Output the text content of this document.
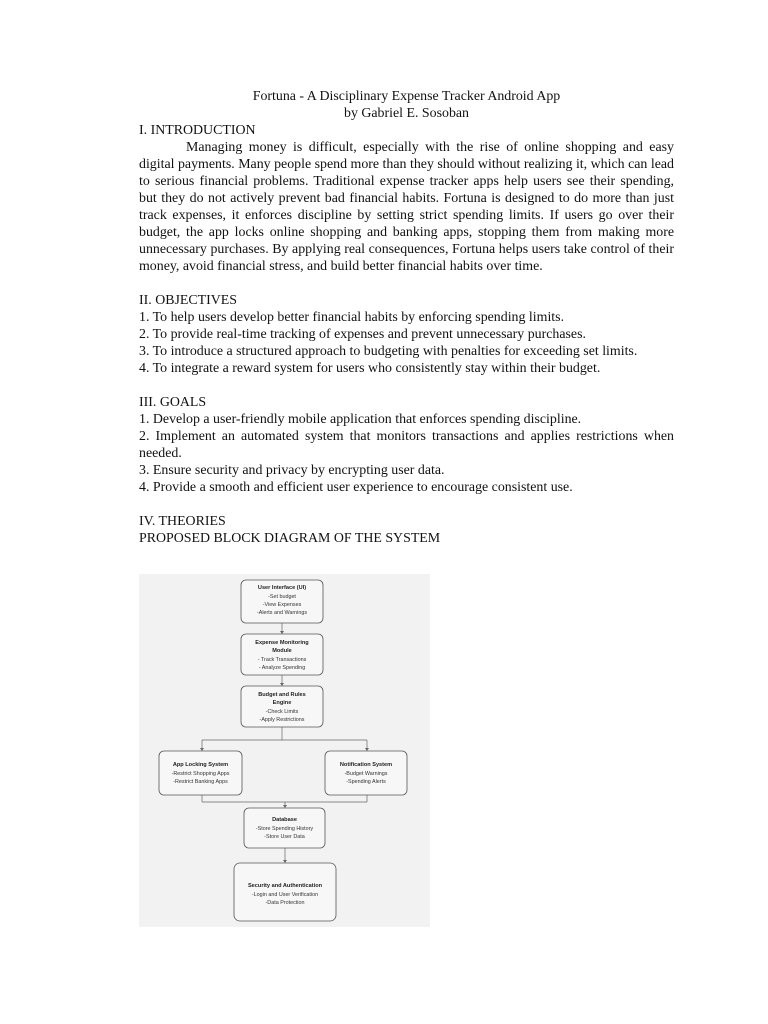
Fortuna - A Disciplinary Expense Tracker Android App

by Gabriel E. Sosoban

I. INTRODUCTION

Managing money is difficult, especially with the rise of online shopping and easy digital payments. Many people spend more than they should without realizing it, which can lead to serious financial problems. Traditional expense tracker apps help users see their spending, but they do not actively prevent bad financial habits. Fortuna is designed to do more than just track expenses, it enforces discipline by setting strict spending limits. If users go over their budget, the app locks online shopping and banking apps, stopping them from making more unnecessary purchases. By applying real consequences, Fortuna helps users take control of their money, avoid financial stress, and build better financial habits over time.

II. OBJECTIVES

1. To help users develop better financial habits by enforcing spending limits.

2. To provide real-time tracking of expenses and prevent unnecessary purchases.

3. To introduce a structured approach to budgeting with penalties for exceeding set limits.

4. To integrate a reward system for users who consistently stay within their budget.

III. GOALS

1. Develop a user-friendly mobile application that enforces spending discipline.

2. Implement an automated system that monitors transactions and applies restrictions when needed.

3. Ensure security and privacy by encrypting user data.

4. Provide a smooth and efficient user experience to encourage consistent use.

IV. THEORIES

PROPOSED BLOCK DIAGRAM OF THE SYSTEM

User Interface (UI)
-Set budget
-View Expenses
-Alerts and Warnings
Expense Monitoring
Module
- Track Transactions
- Analyze Spending
Budget and Rules
Engine
-Check Limits
-Apply Restrictions
App Locking System
-Restrict Shopping Apps
-Restrict Banking Apps
Notification System
-Budget Warnings
-Spending Alerts
Database
-Store Spending History
-Store User Data
Security and Authentication
-Login and User Verification
-Data Protection
